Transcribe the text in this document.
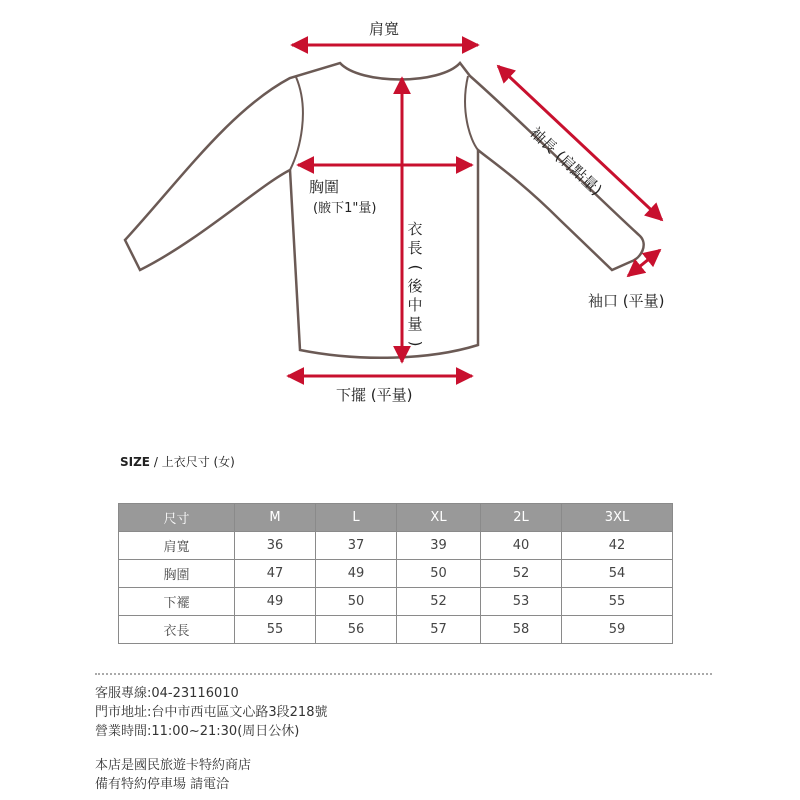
肩寬
袖長 (肩點量)
胸圍
(腋下1"量)
衣
長
(
後
中
量
)
袖口 (平量)
下擺 (平量)
SIZE / 上衣尺寸 (女)
尺寸	M	L	XL	2L	3XL
肩寬	36	37	39	40	42
胸圍	47	49	50	52	54
下襬	49	50	52	53	55
衣長	55	56	57	58	59
客服專線:04-23116010
門市地址:台中市西屯區文心路3段218號
營業時間:11:00~21:30(周日公休)
本店是國民旅遊卡特約商店
備有特約停車場 請電洽
